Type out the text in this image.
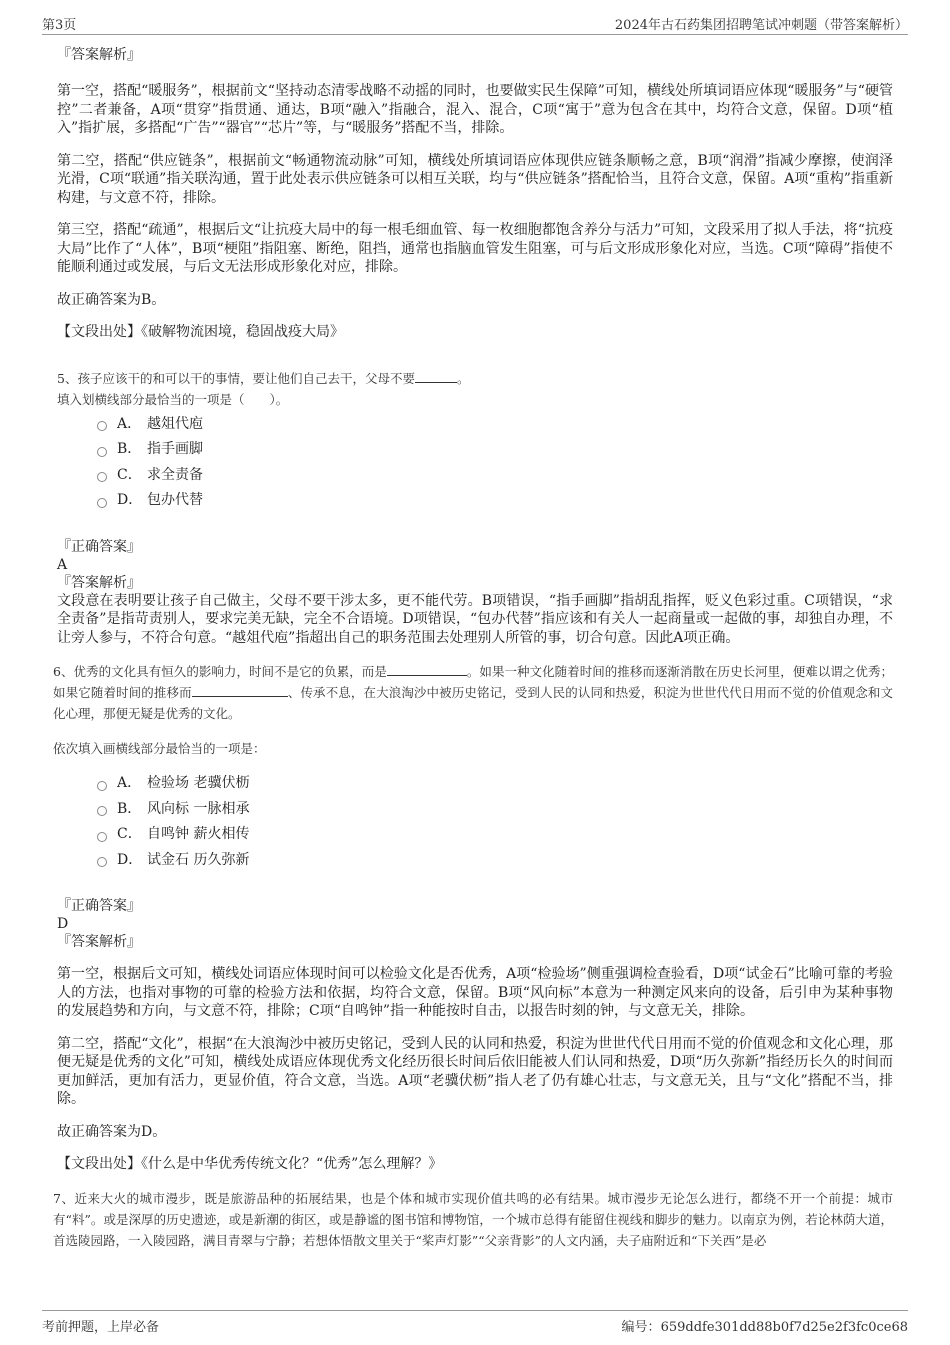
第3页	2024年古石药集团招聘笔试冲刺题（带答案解析）

『答案解析』

第一空，搭配“暖服务”，根据前文“坚持动态清零战略不动摇的同时，也要做实民生保障”可知，横线处所填词语应体现“暖服务”与“硬管控”二者兼备，A项“贯穿”指贯通、通达，B项“融入”指融合，混入、混合，C项“寓于”意为包含在其中，均符合文意，保留。D项“植入”指扩展，多搭配“广告”“器官”“芯片”等，与“暖服务”搭配不当，排除。

第二空，搭配“供应链条”，根据前文“畅通物流动脉”可知，横线处所填词语应体现供应链条顺畅之意，B项“润滑”指减少摩擦，使润泽光滑，C项“联通”指关联沟通，置于此处表示供应链条可以相互关联，均与“供应链条”搭配恰当，且符合文意，保留。A项“重构”指重新构建，与文意不符，排除。

第三空，搭配“疏通”，根据后文“让抗疫大局中的每一根毛细血管、每一枚细胞都饱含养分与活力”可知，文段采用了拟人手法，将“抗疫大局”比作了“人体”，B项“梗阻”指阻塞、断绝，阻挡，通常也指脑血管发生阻塞，可与后文形成形象化对应，当选。C项“障碍”指使不能顺利通过或发展，与后文无法形成形象化对应，排除。

故正确答案为B。

【文段出处】《破解物流困境，稳固战疫大局》

5、孩子应该干的和可以干的事情，要让他们自己去干，父母不要	。

填入划横线部分最恰当的一项是（　　）。

A． 越俎代庖
B． 指手画脚
C． 求全责备
D． 包办代替

『正确答案』

A

『答案解析』

文段意在表明要让孩子自己做主，父母不要干涉太多，更不能代劳。B项错误，“指手画脚”指胡乱指挥，贬义色彩过重。C项错误，“求全责备”是指苛责别人，要求完美无缺，完全不合语境。D项错误，“包办代替”指应该和有关人一起商量或一起做的事，却独自办理，不让旁人参与，不符合句意。“越俎代庖”指超出自己的职务范围去处理别人所管的事，切合句意。因此A项正确。

6、优秀的文化具有恒久的影响力，时间不是它的负累，而是	。如果一种文化随着时间的推移而逐渐消散在历史长河里，便难以谓之优秀；如果它随着时间的推移而	、传承不息，在大浪淘沙中被历史铭记，受到人民的认同和热爱，积淀为世世代代日用而不觉的价值观念和文化心理，那便无疑是优秀的文化。

依次填入画横线部分最恰当的一项是：

A． 检验场 老骥伏枥
B． 风向标 一脉相承
C． 自鸣钟 薪火相传
D． 试金石 历久弥新

『正确答案』

D

『答案解析』

第一空，根据后文可知，横线处词语应体现时间可以检验文化是否优秀，A项“检验场”侧重强调检查验看，D项“试金石”比喻可靠的考验人的方法，也指对事物的可靠的检验方法和依据，均符合文意，保留。B项“风向标”本意为一种测定风来向的设备，后引申为某种事物的发展趋势和方向，与文意不符，排除；C项“自鸣钟”指一种能按时自击，以报告时刻的钟，与文意无关，排除。

第二空，搭配“文化”，根据“在大浪淘沙中被历史铭记，受到人民的认同和热爱，积淀为世世代代日用而不觉的价值观念和文化心理，那便无疑是优秀的文化”可知，横线处成语应体现优秀文化经历很长时间后依旧能被人们认同和热爱，D项“历久弥新”指经历长久的时间而更加鲜活，更加有活力，更显价值，符合文意，当选。A项“老骥伏枥”指人老了仍有雄心壮志，与文意无关，且与“文化”搭配不当，排除。

故正确答案为D。

【文段出处】《什么是中华优秀传统文化？“优秀”怎么理解？》

7、近来大火的城市漫步，既是旅游品种的拓展结果，也是个体和城市实现价值共鸣的必有结果。城市漫步无论怎么进行，都绕不开一个前提：城市有“料”。或是深厚的历史遗迹，或是新潮的街区，或是静谧的图书馆和博物馆，一个城市总得有能留住视线和脚步的魅力。以南京为例，若论林荫大道，首选陵园路，一入陵园路，满目青翠与宁静；若想体悟散文里关于“桨声灯影”“父亲背影”的人文内涵，夫子庙附近和“下关西”是必

考前押题，上岸必备	编号：659ddfe301dd88b0f7d25e2f3fc0ce68
